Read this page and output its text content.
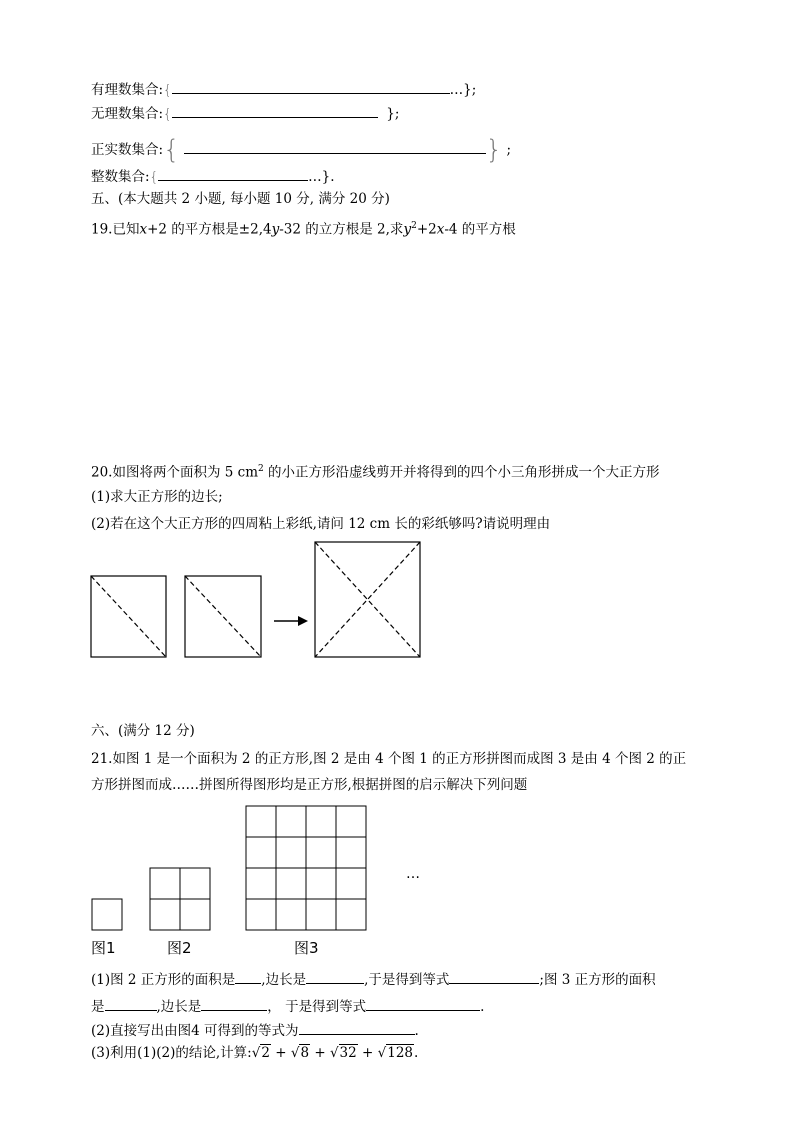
有理数集合:{	…};
无理数集合:{	};
正实数集合:{	} ;
整数集合:{	…}.
五、(本大题共 2 小题, 每小题 10 分, 满分 20 分)
19.已知x+2 的平方根是±2,4y-32 的立方根是 2,求$y^2+2x-4$ 的平方根
20.如图将两个面积为 5 $cm^2$ 的小正方形沿虚线剪开并将得到的四个小三角形拼成一个大正方形
(1)求大正方形的边长;
(2)若在这个大正方形的四周粘上彩纸,请问 12 cm 长的彩纸够吗?请说明理由
六、(满分 12 分)
21.如图 1 是一个面积为 2 的正方形,图 2 是由 4 个图 1 的正方形拼图而成图 3 是由 4 个图 2 的正
方形拼图而成……拼图所得图形均是正方形,根据拼图的启示解决下列问题
…
图1	图2	图3
(1)图 2 正方形的面积是 ,边长是	,于是得到等式	;图 3 正方形的面积
是	,边长是	， 于是得到等式	.
(2)直接写出由图4 可得到的等式为	.
(3)利用(1)(2)的结论,计算:√2 + √8 + √32 + √128.
